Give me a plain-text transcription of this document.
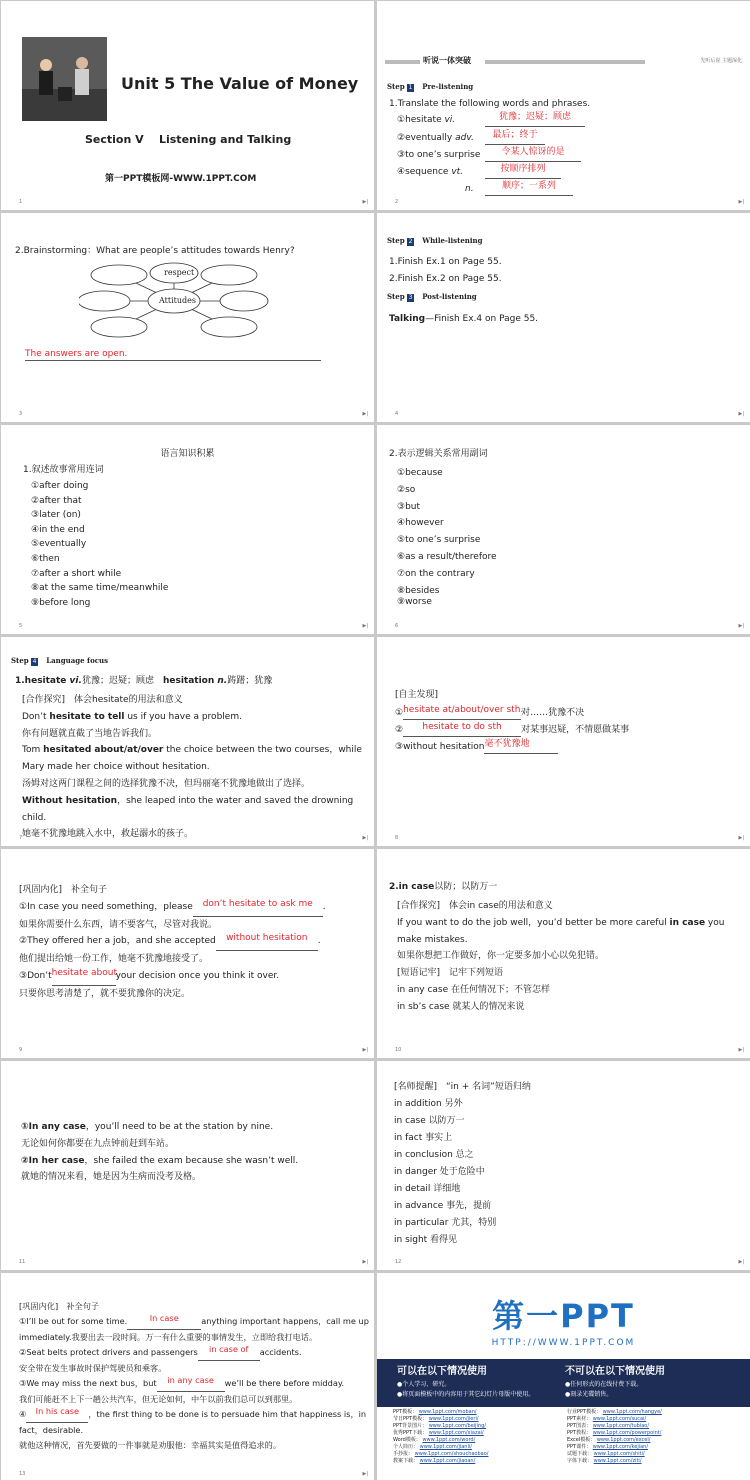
Unit 5 The Value of Money
Section V    Listening and Talking
第一PPT模板网-WWW.1PPT.COM
1	▶|
听说一体突破	先听后说 主题深化
Step 1 Pre-listening
1.Translate the following words and phrases.
①hesitate vi.	犹豫；迟疑；顾虑
②eventually adv.	最后；终于
③to one’s surprise	令某人惊讶的是
④sequence vt.	按顺序排列
n.	顺序；一系列
2	▶|
2.Brainstorming：What are people’s attitudes towards Henry?
respect
Attitudes
The answers are open.
3	▶|
Step 2 While-listening
1.Finish Ex.1 on Page 55.
2.Finish Ex.2 on Page 55.
Step 3 Post-listening
Talking—Finish Ex.4 on Page 55.
4	▶|
语言知识积累
1.叙述故事常用连词
①after doing
②after that
③later (on)
④in the end
⑤eventually
⑥then
⑦after a short while
⑧at the same time/meanwhile
⑨before long
5	▶|
2.表示逻辑关系常用副词
①because
②so
③but
④however
⑤to one’s surprise
⑥as a result/therefore
⑦on the contrary
⑧besides
⑨worse
6	▶|
Step 4 Language focus
1.hesitate vi.犹豫；迟疑；顾虑　hesitation n.踌躇；犹豫
[合作探究]　体会hesitate的用法和意义
Don’t hesitate to tell us if you have a problem.
你有问题就直截了当地告诉我们。
Tom hesitated about/at/over the choice between the two courses，while
Mary made her choice without hesitation.
汤姆对这两门课程之间的选择犹豫不决，但玛丽毫不犹豫地做出了选择。
Without hesitation，she leaped into the water and saved the drowning
child.
她毫不犹豫地跳入水中，救起溺水的孩子。
7	▶|
[自主发现]
①hesitate at/about/over sth.对……犹豫不决
② hesitate to do sth 对某事迟疑，不情愿做某事
③without hesitation毫不犹豫地
8	▶|
[巩固内化]　补全句子
①In case you need something，please don’t hesitate to ask me .
如果你需要什么东西，请不要客气，尽管对我说。
②They offered her a job，and she accepted without hesitation .
他们提出给她一份工作，她毫不犹豫地接受了。
③Don’thesitate aboutyour decision once you think it over.
只要你思考清楚了，就不要犹豫你的决定。
9	▶|
2.in case以防；以防万一
[合作探究]　体会in case的用法和意义
If you want to do the job well，you’d better be more careful in case you
make mistakes.
如果你想把工作做好，你一定要多加小心以免犯错。
[短语记牢]　记牢下列短语
in any case 在任何情况下；不管怎样
in sb’s case 就某人的情况来说
10	▶|
①In any case，you’ll need to be at the station by nine.
无论如何你都要在九点钟前赶到车站。
②In her case，she failed the exam because she wasn’t well.
就她的情况来看，她是因为生病而没考及格。
11	▶|
[名师提醒]　“in + 名词”短语归纳
in addition 另外
in case 以防万一
in fact 事实上
in conclusion 总之
in danger 处于危险中
in detail 详细地
in advance 事先，提前
in particular 尤其，特别
in sight 看得见
12	▶|
[巩固内化]　补全句子
①I’ll be out for some time.	In case	anything important happens，call me up
immediately.我要出去一段时间。万一有什么重要的事情发生，立即给我打电话。
②Seat belts protect drivers and passengers in case of accidents.
安全带在发生事故时保护驾驶员和乘客。
③We may miss the next bus，but in any case we’ll be there before midday.
我们可能赶不上下一趟公共汽车，但无论如何，中午以前我们总可以到那里。
④ In his case ，the first thing to be done is to persuade him that happiness is，in
fact，desirable.
就他这种情况，首先要做的一件事就是劝服他：幸福其实是值得追求的。
13	▶|
第一PPT
HTTP://WWW.1PPT.COM
可以在以下情况使用
●个人学习、研究。
●将页面模板中的内容用于其它幻灯片母版中使用。
不可以在以下情况使用
●任何形式的在线付费下载。
●刻录光碟销售。
PPT模板： www.1ppt.com/moban/
节日PPT模板： www.1ppt.com/jieri/
PPT背景图片： www.1ppt.com/beijing/
优秀PPT下载： www.1ppt.com/xiazai/
Word模板： www.1ppt.com/word/
个人简历： www.1ppt.com/jianli/
手抄报： www.1ppt.com/shouchaobao/
教案下载： www.1ppt.com/jiaoan/
行业PPT模板： www.1ppt.com/hangye/
PPT素材： www.1ppt.com/sucai/
PPT图表： www.1ppt.com/tubiao/
PPT教程： www.1ppt.com/powerpoint/
Excel模板： www.1ppt.com/excel/
PPT课件： www.1ppt.com/kejian/
试题下载： www.1ppt.com/shiti/
字体下载： www.1ppt.com/ziti/
